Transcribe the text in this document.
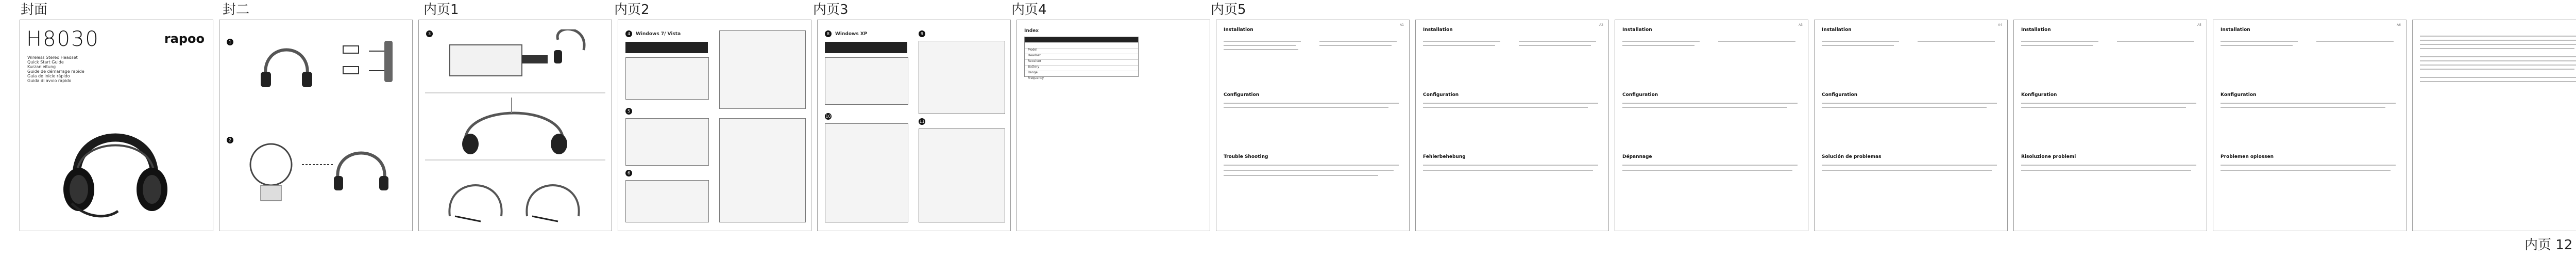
封面	封二	内页1	内页2	内页3	内页4	内页5
内页 12
H8030	rapoo
Wireless Stereo Headset
Quick Start Guide
Kurzanleitung
Guide de démarrage rapide
Guía de inicio rápido
Guida di avvio rapido
1
2
3	4	Windows 7/ Vista
5
6
8	Windows XP
10
9
11
Index
Model
Headset
Receiver
Battery
Range
Frequency
A1
Installation
Configuration
Trouble Shooting
A2
Installation
Configuration
Fehlerbehebung
A3
Installation
Configuration
Dépannage
A4
Installation
Configuration
Solución de problemas
A5
Installation
Konfiguration
Risoluzione problemi
A6
Installation
Konfiguration
Problemen oplossen
